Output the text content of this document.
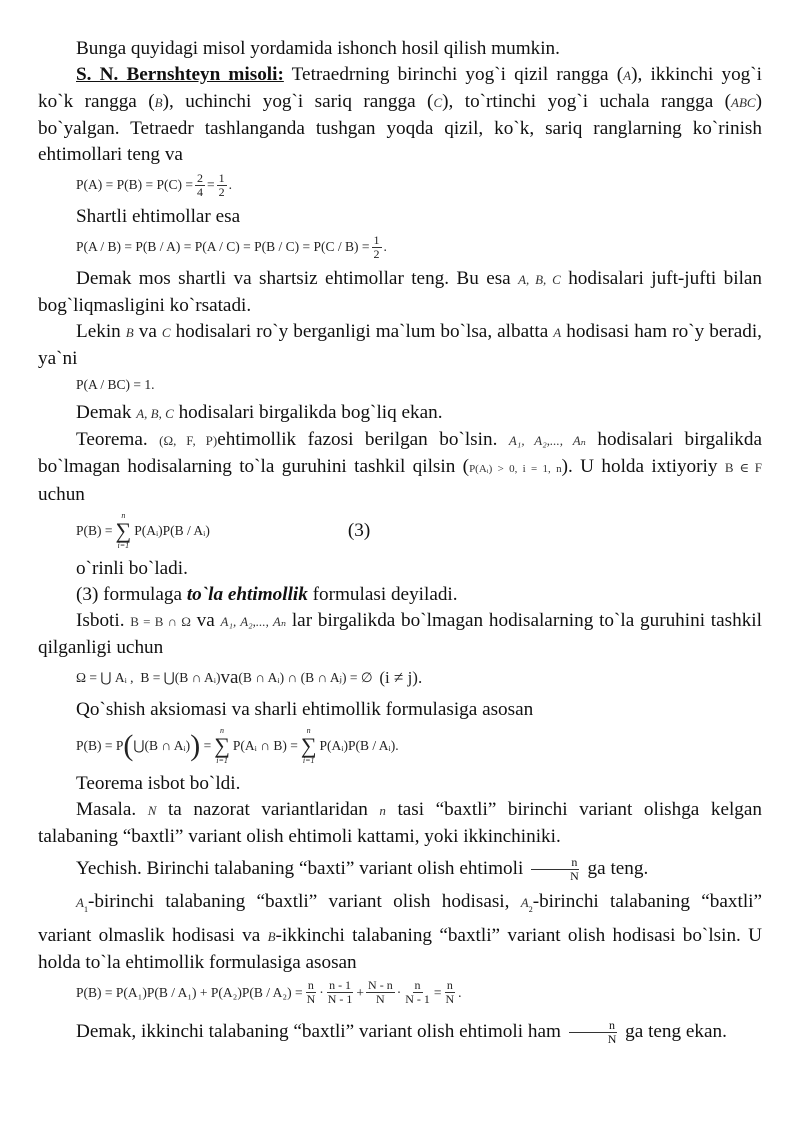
Bunga quyidagi misol yordamida ishonch hosil qilish mumkin.

S. N. Bernshteyn misoli: Tetraedrning birinchi yog`i qizil rangga (A), ikkinchi yog`i ko`k rangga (B), uchinchi yog`i sariq rangga (C), to`rtinchi yog`i uchala rangga (ABC) bo`yalgan. Tetraedr tashlanganda tushgan yoqda qizil, ko`k, sariq ranglarning ko`rinish ehtimollari teng va

$P(A) = P(B) = P(C) = \frac{2}{4} = \frac{1}{2}$ .

Shartli ehtimollar esa

$P(A / B) = P(B / A) = P(A / C) = P(B / C) = P(C / B) = \frac{1}{2}$ .

Demak mos shartli va shartsiz ehtimollar teng. Bu esa A, B, C hodisalari juft-jufti bilan bog`liqmasligini ko`rsatadi.

Lekin B va C hodisalari ro`y berganligi ma`lum bo`lsa, albatta A hodisasi ham ro`y beradi, ya`ni

P(A / BC) = 1 .

Demak A, B, C hodisalari birgalikda bog`liq ekan.

Teorema. (Ω, F, P)ehtimollik fazosi berilgan bo`lsin. A₁, A₂,..., Aₙ hodisalari birgalikda bo`lmagan hodisalarning to`la guruhini tashkil qilsin (P(Aᵢ) > 0, i = 1, n). U holda ixtiyoriy B ∈ F uchun

P(B) =
n
∑
i=1
P(Aᵢ)P(B / Aᵢ)	(3)

o`rinli bo`ladi.

(3) formulaga to`la ehtimollik formulasi deyiladi.

Isboti. B = B ∩ Ω va A₁, A₂,..., Aₙ lar birgalikda bo`lmagan hodisalarning to`la guruhini tashkil qilganligi uchun

Ω = ⋃ Aᵢ ,
B = ⋃(B ∩ Aᵢ) va (B ∩ Aᵢ) ∩ (B ∩ Aⱼ) = ∅
(i ≠ j).

Qo`shish aksiomasi va sharli ehtimollik formulasiga asosan

P(B) = P ( ⋃(B ∩ Aᵢ) )
=
n
∑
i=1
P(Aᵢ ∩ B) =
n
∑
i=1
P(Aᵢ)P(B / Aᵢ) .

Teorema isbot bo`ldi.

Masala. N ta nazorat variantlaridan n tasi “baxtli” birinchi variant olishga kelgan talabaning “baxtli” variant olish ehtimoli kattami, yoki ikkinchiniki.

Yechish. Birinchi talabaning “baxti” variant olish ehtimoli $\frac{n}{N}$ ga teng.

$A_1$-birinchi talabaning “baxtli” variant olish hodisasi, $A_2$-birinchi talabaning “baxtli” variant olmaslik hodisasi va B-ikkinchi talabaning “baxtli” variant olish hodisasi bo`lsin. U holda to`la ehtimollik formulasiga asosan

$P(B) = P(A_1)P(B / A_1) + P(A_2)P(B / A_2) = \frac{n}{N} \cdot \frac{n - 1}{N - 1} + \frac{N - n}{N} \cdot \frac{n}{N - 1} = \frac{n}{N}$ .

Demak, ikkinchi talabaning “baxtli” variant olish ehtimoli ham $\frac{n}{N}$ ga teng ekan.
